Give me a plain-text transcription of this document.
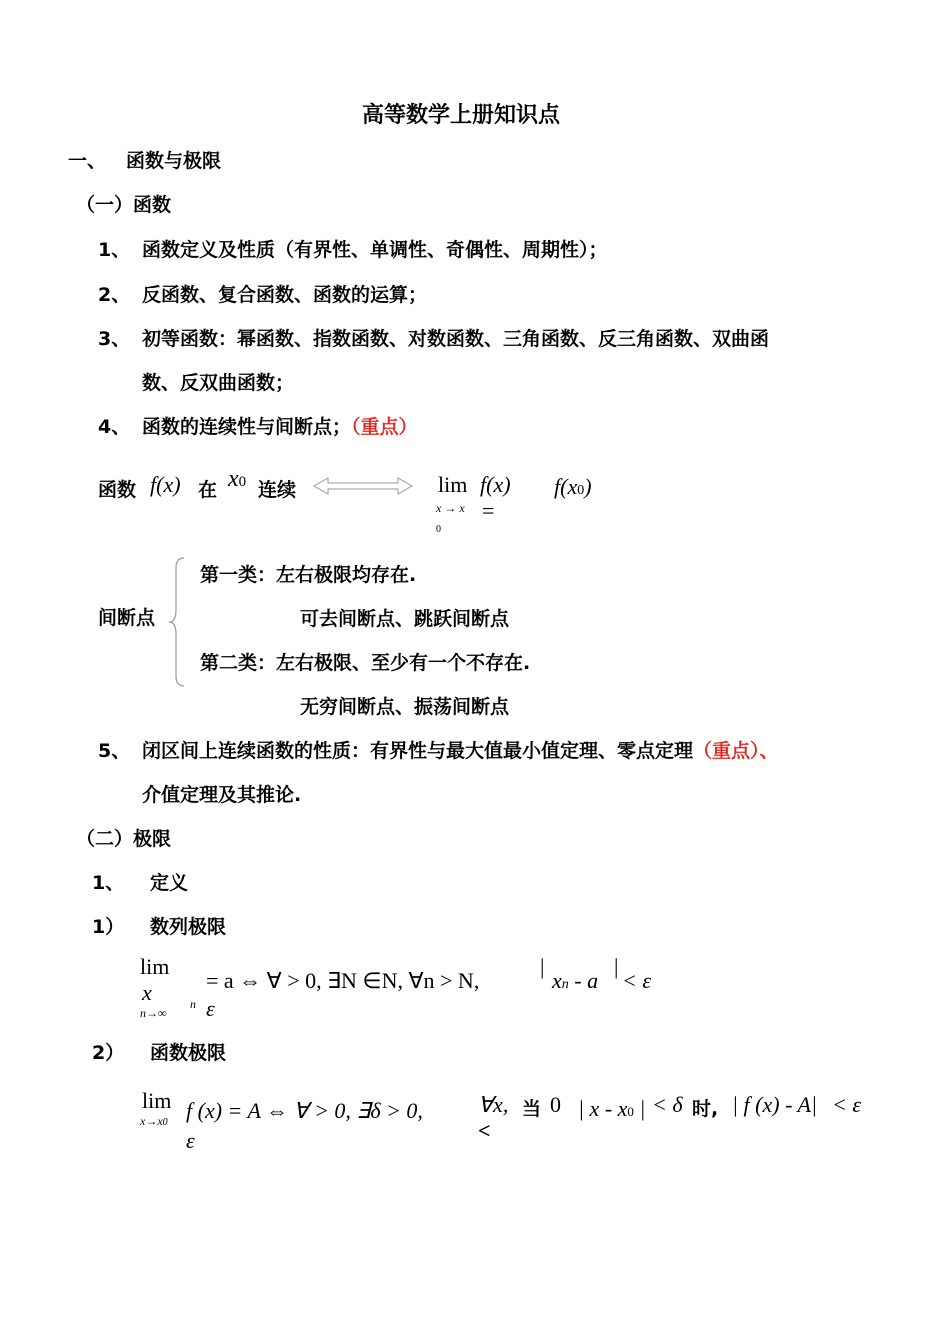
高等数学上册知识点
一、 函数与极限
（一）函数
1、 函数定义及性质（有界性、单调性、奇偶性、周期性）；
2、 反函数、复合函数、函数的运算；
3、 初等函数：幂函数、指数函数、对数函数、三角函数、反三角函数、双曲函
数、反双曲函数；
4、 函数的连续性与间断点；（重点）
函数 f(x) 在 x0 连续	lim
x → x
0
f(x)
=
f(x0)
间断点
第一类：左右极限均存在.
可去间断点、跳跃间断点
第二类：左右极限、至少有一个不存在.
无穷间断点、振荡间断点
5、 闭区间上连续函数的性质：有界性与最大值最小值定理、零点定理（重点）、
介值定理及其推论.
（二）极限
1、 定义
1） 数列极限
lim
x
n→∞
n ε
= a ⇔ ∀ > 0, ∃N ∈N, ∀n > N,
|
xn - a
|
< ε
2） 函数极限
lim
x→x0
ε
f (x) = A ⇔ ∀ > 0, ∃δ > 0,	∀x, 当 0
<
| x - x0 | < δ 时, | f (x) - A| < ε
